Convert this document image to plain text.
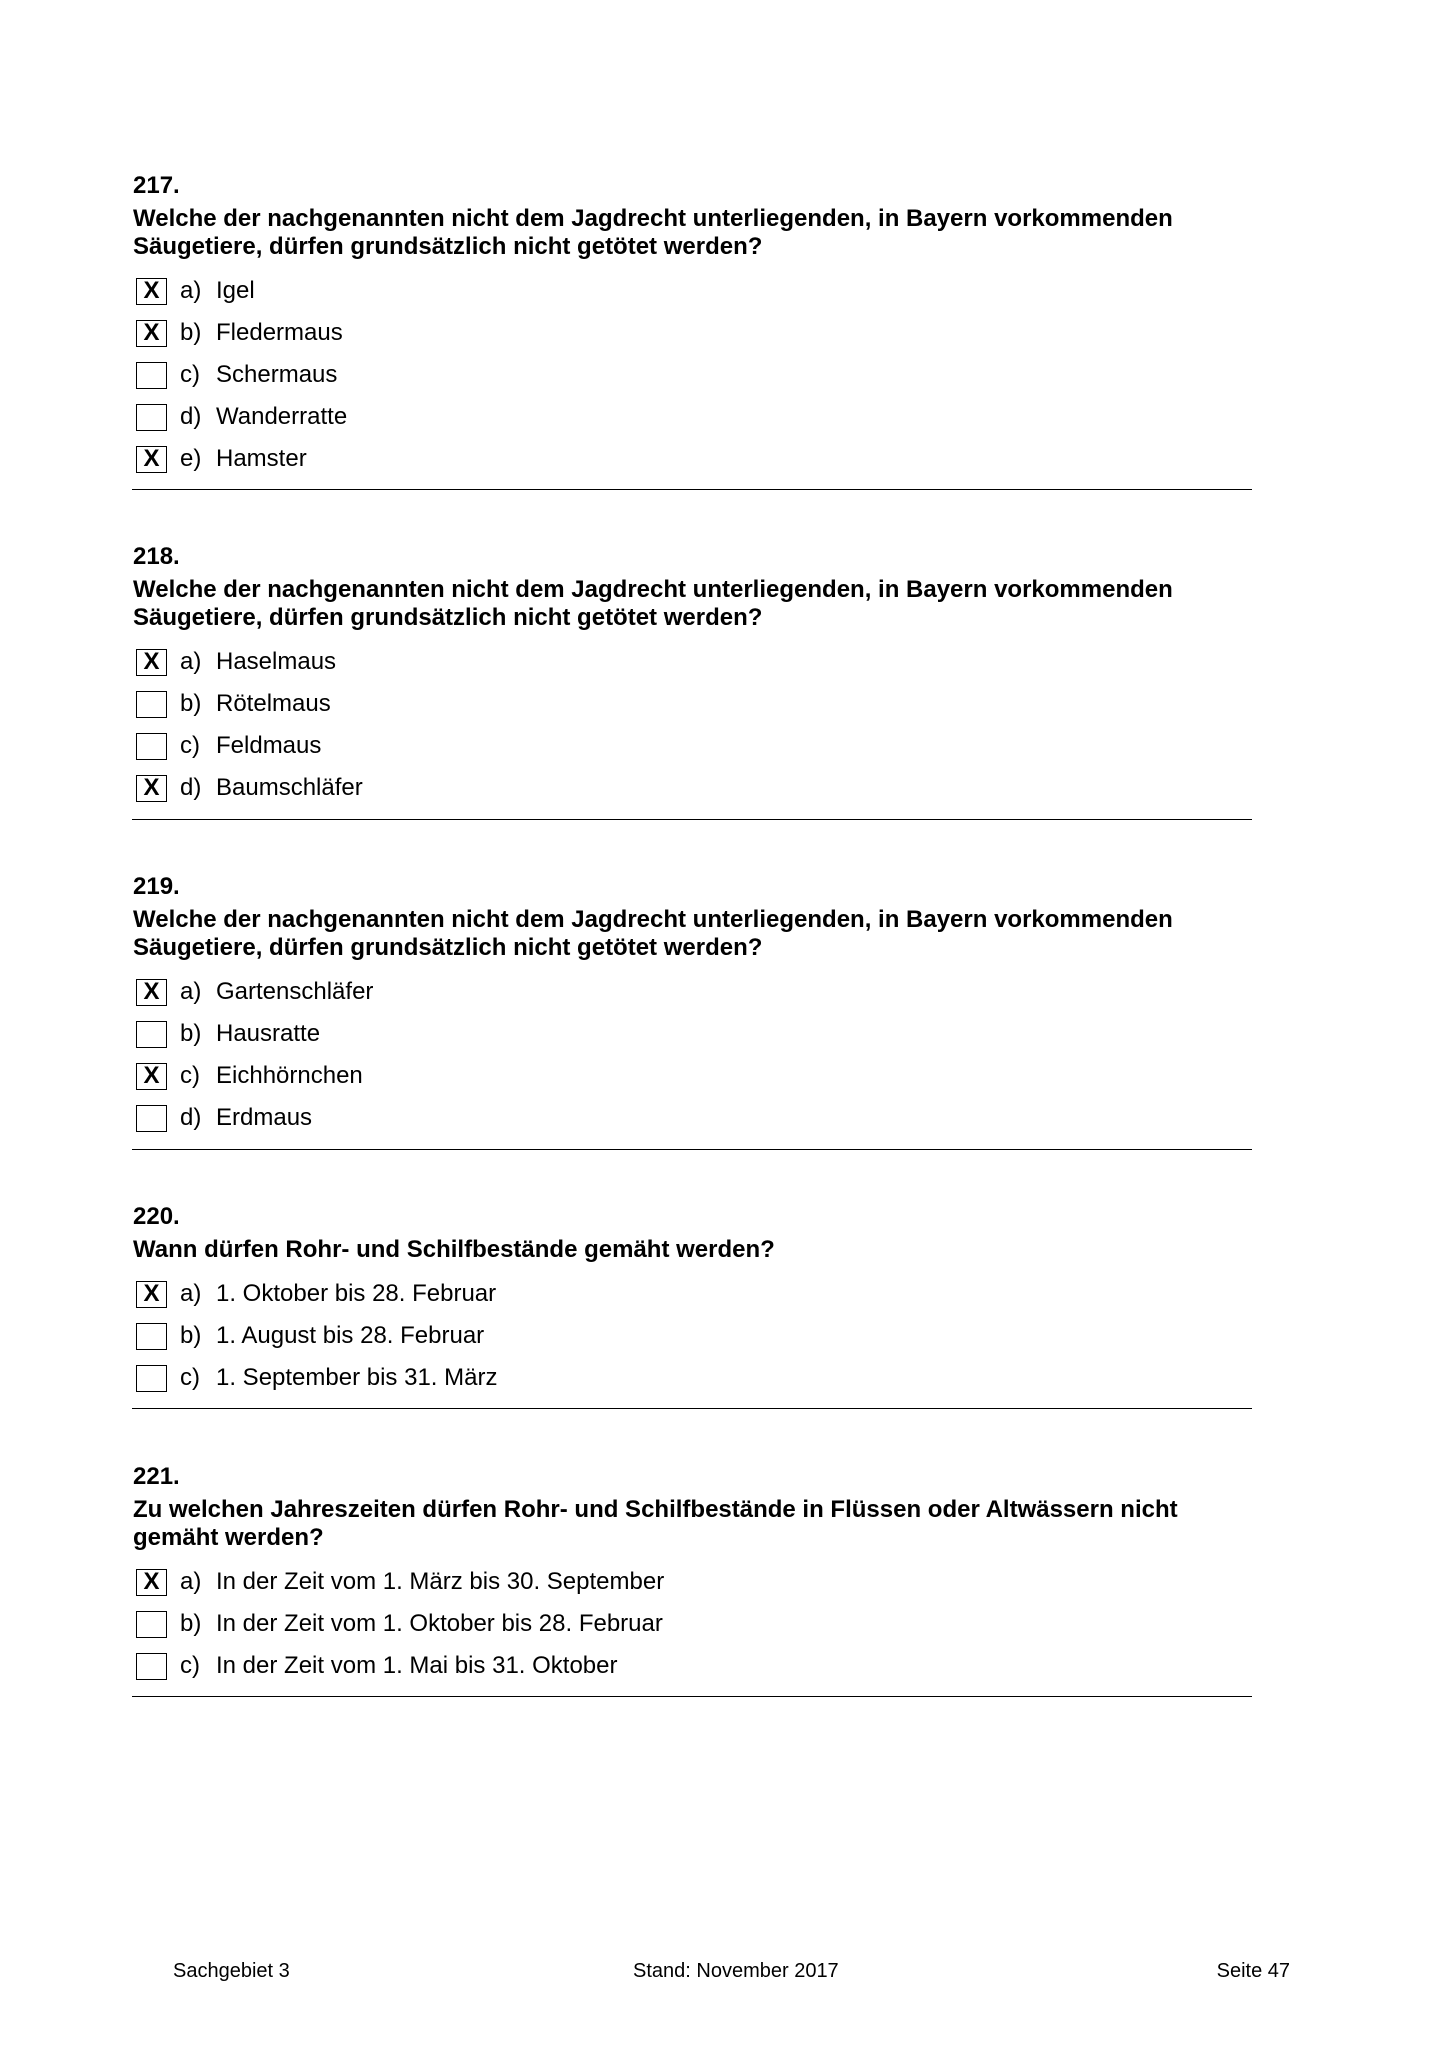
217.
Welche der nachgenannten nicht dem Jagdrecht unterliegenden, in Bayern vorkommenden Säugetiere, dürfen grundsätzlich nicht getötet werden?
X a) Igel
X b) Fledermaus
c) Schermaus
d) Wanderratte
X e) Hamster
218.
Welche der nachgenannten nicht dem Jagdrecht unterliegenden, in Bayern vorkommenden Säugetiere, dürfen grundsätzlich nicht getötet werden?
X a) Haselmaus
b) Rötelmaus
c) Feldmaus
X d) Baumschläfer
219.
Welche der nachgenannten nicht dem Jagdrecht unterliegenden, in Bayern vorkommenden Säugetiere, dürfen grundsätzlich nicht getötet werden?
X a) Gartenschläfer
b) Hausratte
X c) Eichhörnchen
d) Erdmaus
220.
Wann dürfen Rohr- und Schilfbestände gemäht werden?
X a) 1. Oktober bis 28. Februar
b) 1. August bis 28. Februar
c) 1. September bis 31. März
221.
Zu welchen Jahreszeiten dürfen Rohr- und Schilfbestände in Flüssen oder Altwässern nicht gemäht werden?
X a) In der Zeit vom 1. März bis 30. September
b) In der Zeit vom 1. Oktober bis 28. Februar
c) In der Zeit vom 1. Mai bis 31. Oktober
Sachgebiet 3	Stand: November 2017	Seite 47
